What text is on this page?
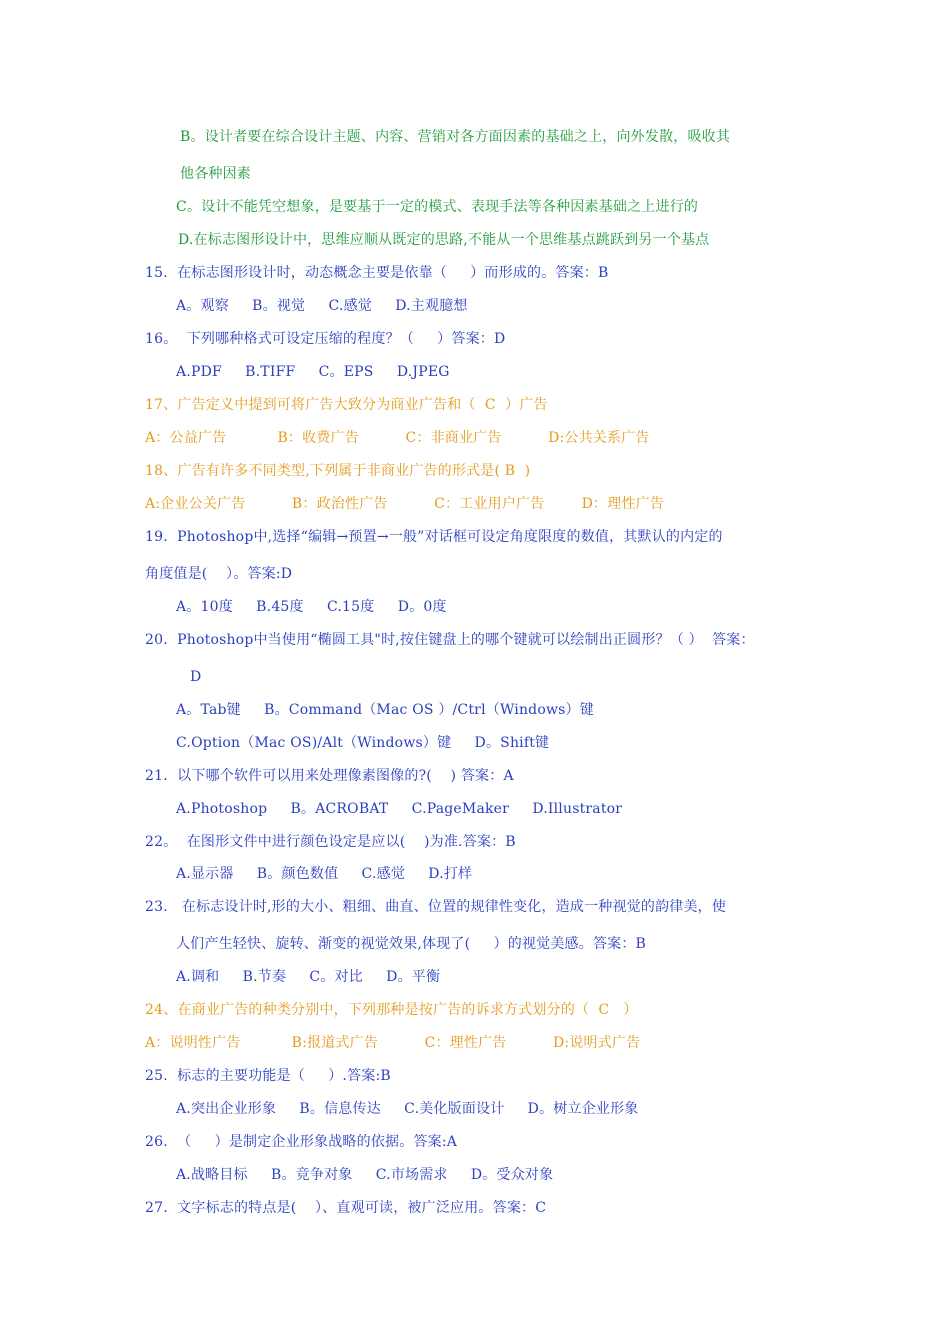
B。设计者要在综合设计主题、内容、营销对各方面因素的基础之上，向外发散，吸收其
他各种因素
C。设计不能凭空想象，是要基于一定的模式、表现手法等各种因素基础之上进行的
D.在标志图形设计中，思维应顺从既定的思路,不能从一个思维基点跳跃到另一个基点
15.  在标志图形设计时，动态概念主要是依靠（     ）而形成的。答案：B
A。观察     B。视觉     C.感觉     D.主观臆想
16。  下列哪种格式可设定压缩的程度？（     ）答案：D
A.PDF     B.TIFF     C。EPS     D.JPEG
17、广告定义中提到可将广告大致分为商业广告和（  C  ）广告
A：公益广告           B：收费广告          C：非商业广告          D:公共关系广告
18、广告有许多不同类型,下列属于非商业广告的形式是( B  )
A:企业公关广告          B：政治性广告          C：工业用户广告        D：理性广告
19.  Photoshop中,选择“编辑→预置→一般”对话框可设定角度限度的数值，其默认的内定的
角度值是(    ）。答案:D
A。10度     B.45度     C.15度     D。0度
20.  Photoshop中当使用“椭圆工具"时,按住键盘上的哪个键就可以绘制出正圆形？（ ）  答案：
D
A。Tab键     B。Command（Mac OS ）/Ctrl（Windows）键
C.Option（Mac OS)/Alt（Windows）键     D。Shift键
21.  以下哪个软件可以用来处理像素图像的?(    ) 答案：A
A.Photoshop     B。ACROBAT     C.PageMaker     D.Illustrator
22。  在图形文件中进行颜色设定是应以(    )为准.答案：B
A.显示器     B。颜色数值     C.感觉     D.打样
23.   在标志设计时,形的大小、粗细、曲直、位置的规律性变化，造成一种视觉的韵律美，使
人们产生轻快、旋转、渐变的视觉效果,体现了(     ）的视觉美感。答案：B
A.调和     B.节奏     C。对比     D。平衡
24、在商业广告的种类分别中，下列那种是按广告的诉求方式划分的（  C   ）
A：说明性广告           B:报道式广告          C：理性广告          D:说明式广告
25.  标志的主要功能是（     ）.答案:B
A.突出企业形象     B。信息传达     C.美化版面设计     D。树立企业形象
26.  （     ）是制定企业形象战略的依据。答案:A
A.战略目标     B。竞争对象     C.市场需求     D。受众对象
27.  文字标志的特点是(    ）、直观可读，被广泛应用。答案：C
